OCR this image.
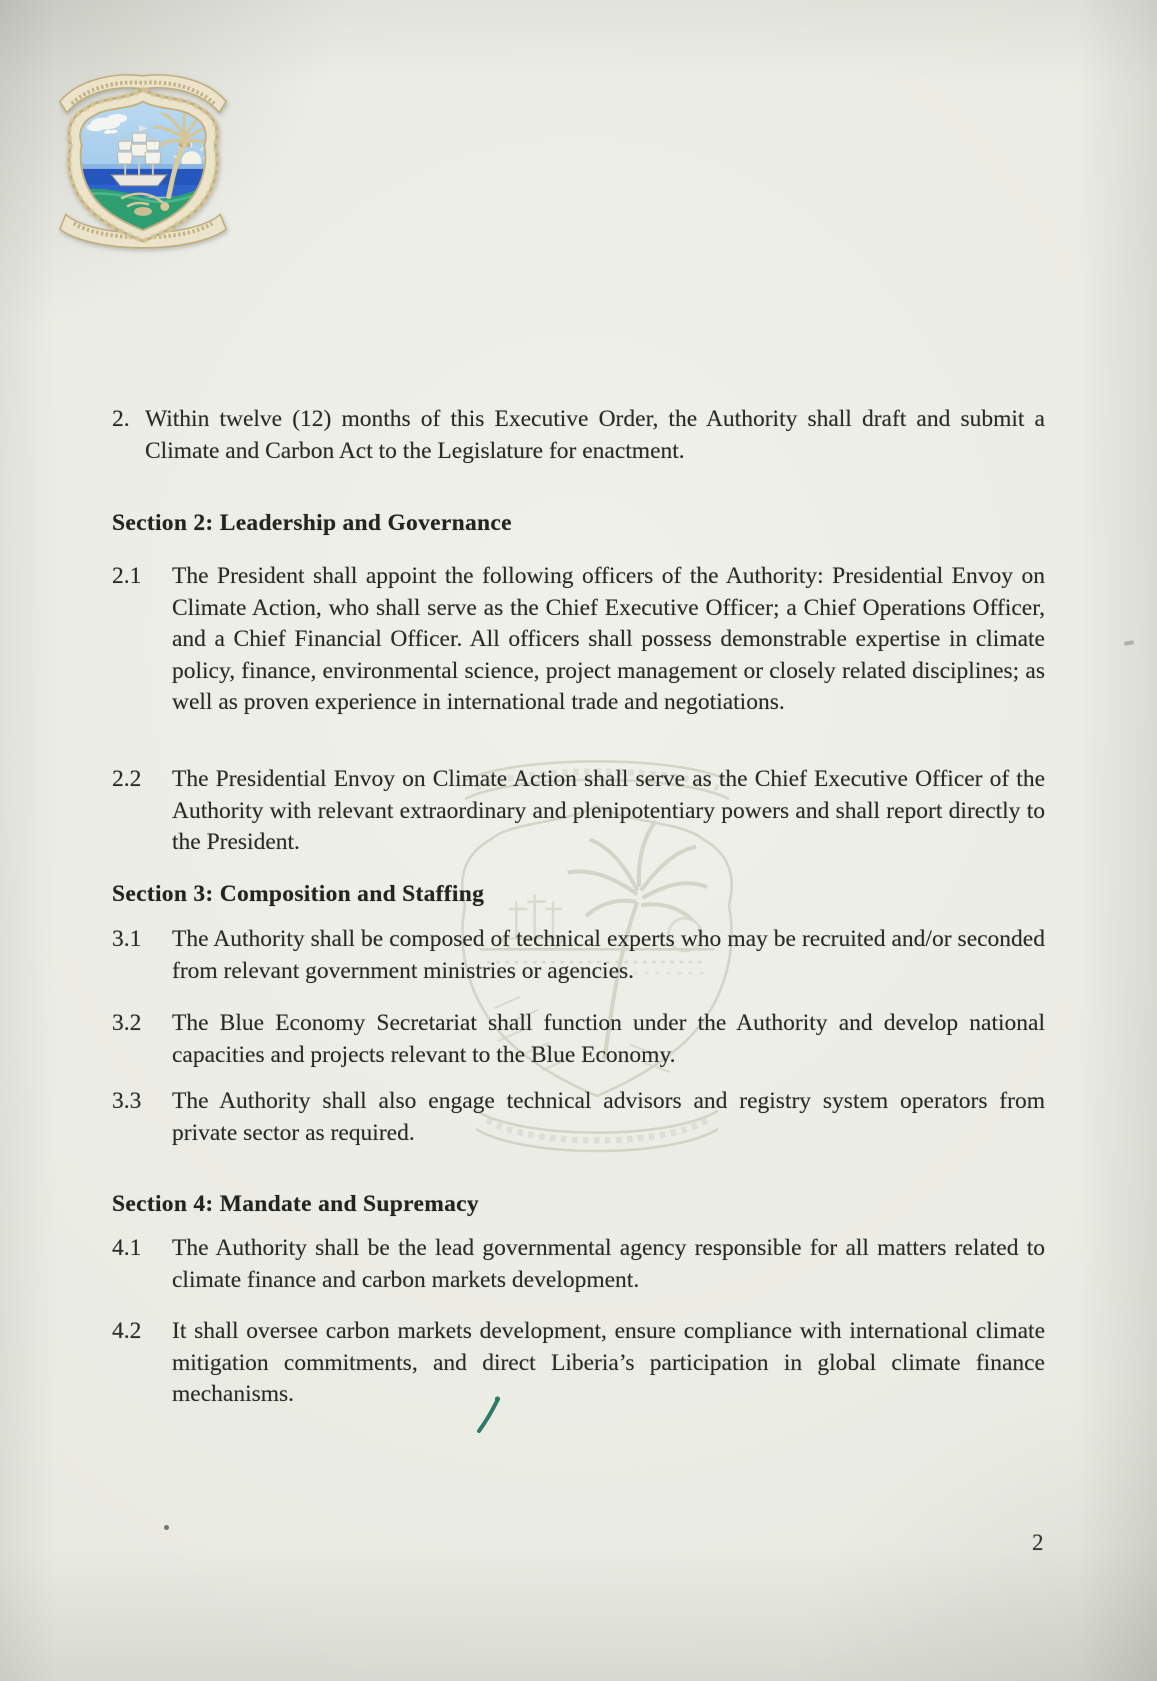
2. Within twelve (12) months of this Executive Order, the Authority shall draft and submit a Climate and Carbon Act to the Legislature for enactment.
Section 2: Leadership and Governance
2.1	The President shall appoint the following officers of the Authority: Presidential Envoy on Climate Action, who shall serve as the Chief Executive Officer; a Chief Operations Officer, and a Chief Financial Officer. All officers shall possess demonstrable expertise in climate policy, finance, environmental science, project management or closely related disciplines; as well as proven experience in international trade and negotiations.
2.2	The Presidential Envoy on Climate Action shall serve as the Chief Executive Officer of the Authority with relevant extraordinary and plenipotentiary powers and shall report directly to the President.
Section 3: Composition and Staffing
3.1	The Authority shall be composed of technical experts who may be recruited and/or seconded from relevant government ministries or agencies.
3.2	The Blue Economy Secretariat shall function under the Authority and develop national capacities and projects relevant to the Blue Economy.
3.3	The Authority shall also engage technical advisors and registry system operators from private sector as required.
Section 4: Mandate and Supremacy
4.1	The Authority shall be the lead governmental agency responsible for all matters related to climate finance and carbon markets development.
4.2	It shall oversee carbon markets development, ensure compliance with international climate mitigation commitments, and direct Liberia’s participation in global climate finance mechanisms.
2
